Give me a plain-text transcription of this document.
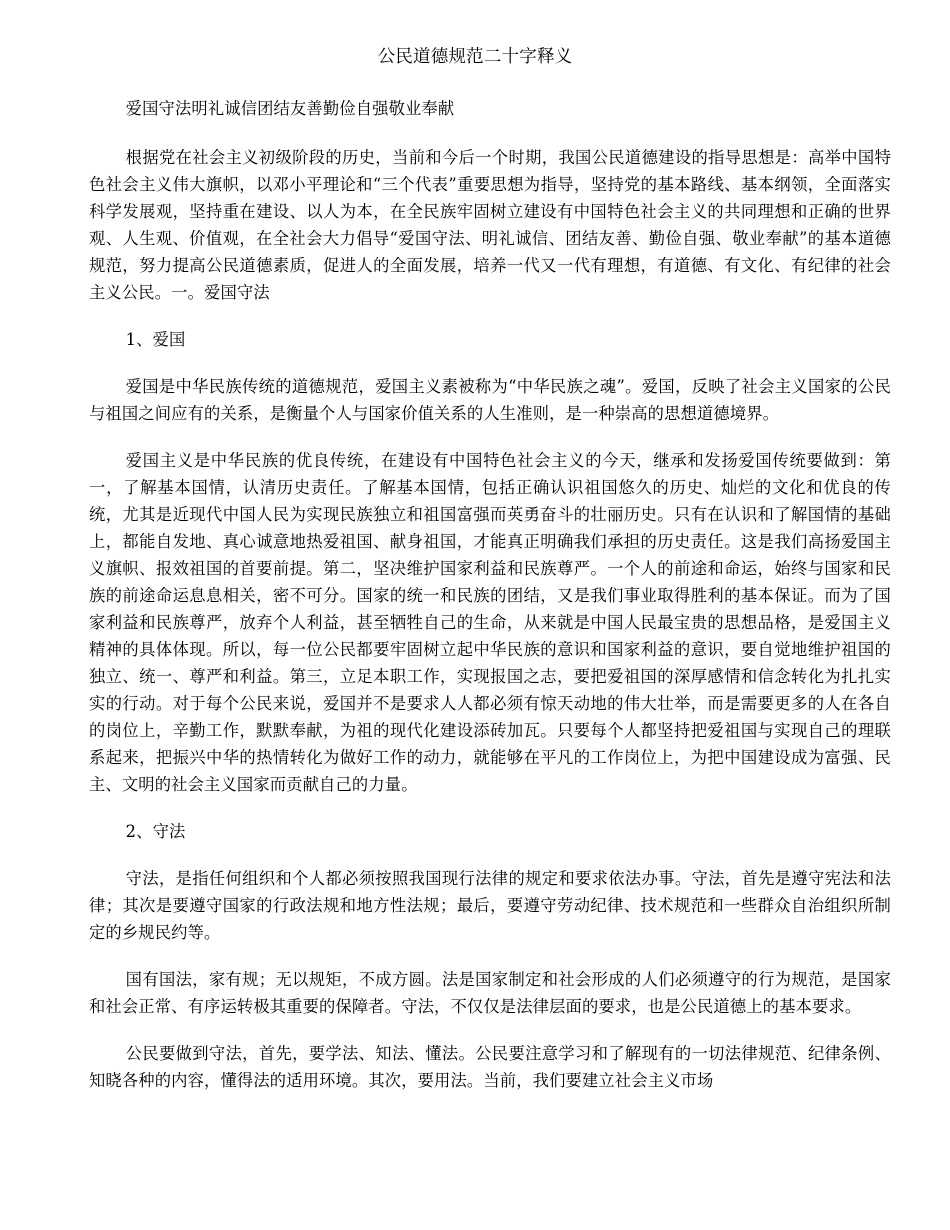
公民道德规范二十字释义

爱国守法明礼诚信团结友善勤俭自强敬业奉献

根据党在社会主义初级阶段的历史，当前和今后一个时期，我国公民道德建设的指导思想是：高举中国特色社会主义伟大旗帜，以邓小平理论和“三个代表”重要思想为指导，坚持党的基本路线、基本纲领，全面落实科学发展观，坚持重在建设、以人为本，在全民族牢固树立建设有中国特色社会主义的共同理想和正确的世界观、人生观、价值观，在全社会大力倡导“爱国守法、明礼诚信、团结友善、勤俭自强、敬业奉献”的基本道德规范，努力提高公民道德素质，促进人的全面发展，培养一代又一代有理想，有道德、有文化、有纪律的社会主义公民。一。爱国守法

1、爱国

爱国是中华民族传统的道德规范，爱国主义素被称为“中华民族之魂”。爱国，反映了社会主义国家的公民与祖国之间应有的关系，是衡量个人与国家价值关系的人生准则，是一种崇高的思想道德境界。

爱国主义是中华民族的优良传统，在建设有中国特色社会主义的今天，继承和发扬爱国传统要做到：第一，了解基本国情，认清历史责任。了解基本国情，包括正确认识祖国悠久的历史、灿烂的文化和优良的传统，尤其是近现代中国人民为实现民族独立和祖国富强而英勇奋斗的壮丽历史。只有在认识和了解国情的基础上，都能自发地、真心诚意地热爱祖国、献身祖国，才能真正明确我们承担的历史责任。这是我们高扬爱国主义旗帜、报效祖国的首要前提。第二，坚决维护国家利益和民族尊严。一个人的前途和命运，始终与国家和民族的前途命运息息相关，密不可分。国家的统一和民族的团结，又是我们事业取得胜利的基本保证。而为了国家利益和民族尊严，放弃个人利益，甚至牺牲自己的生命，从来就是中国人民最宝贵的思想品格，是爱国主义精神的具体体现。所以，每一位公民都要牢固树立起中华民族的意识和国家利益的意识，要自觉地维护祖国的独立、统一、尊严和利益。第三，立足本职工作，实现报国之志，要把爱祖国的深厚感情和信念转化为扎扎实实的行动。对于每个公民来说，爱国并不是要求人人都必须有惊天动地的伟大壮举，而是需要更多的人在各自的岗位上，辛勤工作，默默奉献，为祖的现代化建设添砖加瓦。只要每个人都坚持把爱祖国与实现自己的理联系起来，把振兴中华的热情转化为做好工作的动力，就能够在平凡的工作岗位上，为把中国建设成为富强、民主、文明的社会主义国家而贡献自己的力量。

2、守法

守法，是指任何组织和个人都必须按照我国现行法律的规定和要求依法办事。守法，首先是遵守宪法和法律；其次是要遵守国家的行政法规和地方性法规；最后，要遵守劳动纪律、技术规范和一些群众自治组织所制定的乡规民约等。

国有国法，家有规；无以规矩，不成方圆。法是国家制定和社会形成的人们必须遵守的行为规范，是国家和社会正常、有序运转极其重要的保障者。守法，不仅仅是法律层面的要求，也是公民道德上的基本要求。

公民要做到守法，首先，要学法、知法、懂法。公民要注意学习和了解现有的一切法律规范、纪律条例、知晓各种的内容，懂得法的适用环境。其次，要用法。当前，我们要建立社会主义市场
